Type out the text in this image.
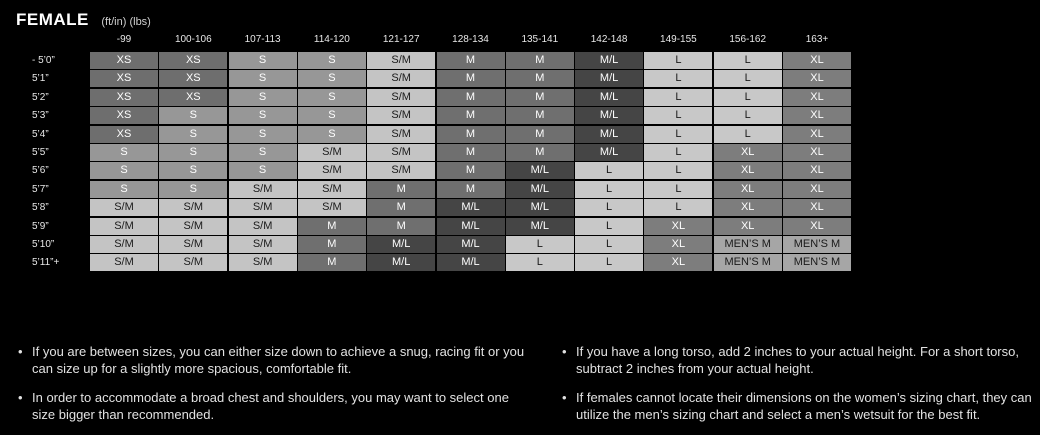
FEMALE (ft/in) (lbs)
-99	100-106	107-113	114-120	121-127	128-134	135-141	142-148	149-155	156-162	163+
- 5’0”	XS	XS	S	S	S/M	M	M	M/L	L	L	XL
5’1”	XS	XS	S	S	S/M	M	M	M/L	L	L	XL
5’2”	XS	XS	S	S	S/M	M	M	M/L	L	L	XL
5’3”	XS	S	S	S	S/M	M	M	M/L	L	L	XL
5’4”	XS	S	S	S	S/M	M	M	M/L	L	L	XL
5’5”	S	S	S	S/M	S/M	M	M	M/L	L	XL	XL
5’6”	S	S	S	S/M	S/M	M	M/L	L	L	XL	XL
5’7”	S	S	S/M	S/M	M	M	M/L	L	L	XL	XL
5’8”	S/M	S/M	S/M	S/M	M	M/L	M/L	L	L	XL	XL
5’9”	S/M	S/M	S/M	M	M	M/L	M/L	L	XL	XL	XL
5’10”	S/M	S/M	S/M	M	M/L	M/L	L	L	XL	MEN’S M	MEN’S M
5’11”+	S/M	S/M	S/M	M	M/L	M/L	L	L	XL	MEN’S M	MEN’S M

• If you are between sizes, you can either size down to achieve a snug, racing fit or you can size up for a slightly more spacious, comfortable fit.

• In order to accommodate a broad chest and shoulders, you may want to select one size bigger than recommended.

• If you have a long torso, add 2 inches to your actual height. For a short torso, subtract 2 inches from your actual height.

• If females cannot locate their dimensions on the women’s sizing chart, they can utilize the men’s sizing chart and select a men’s wetsuit for the best fit.
